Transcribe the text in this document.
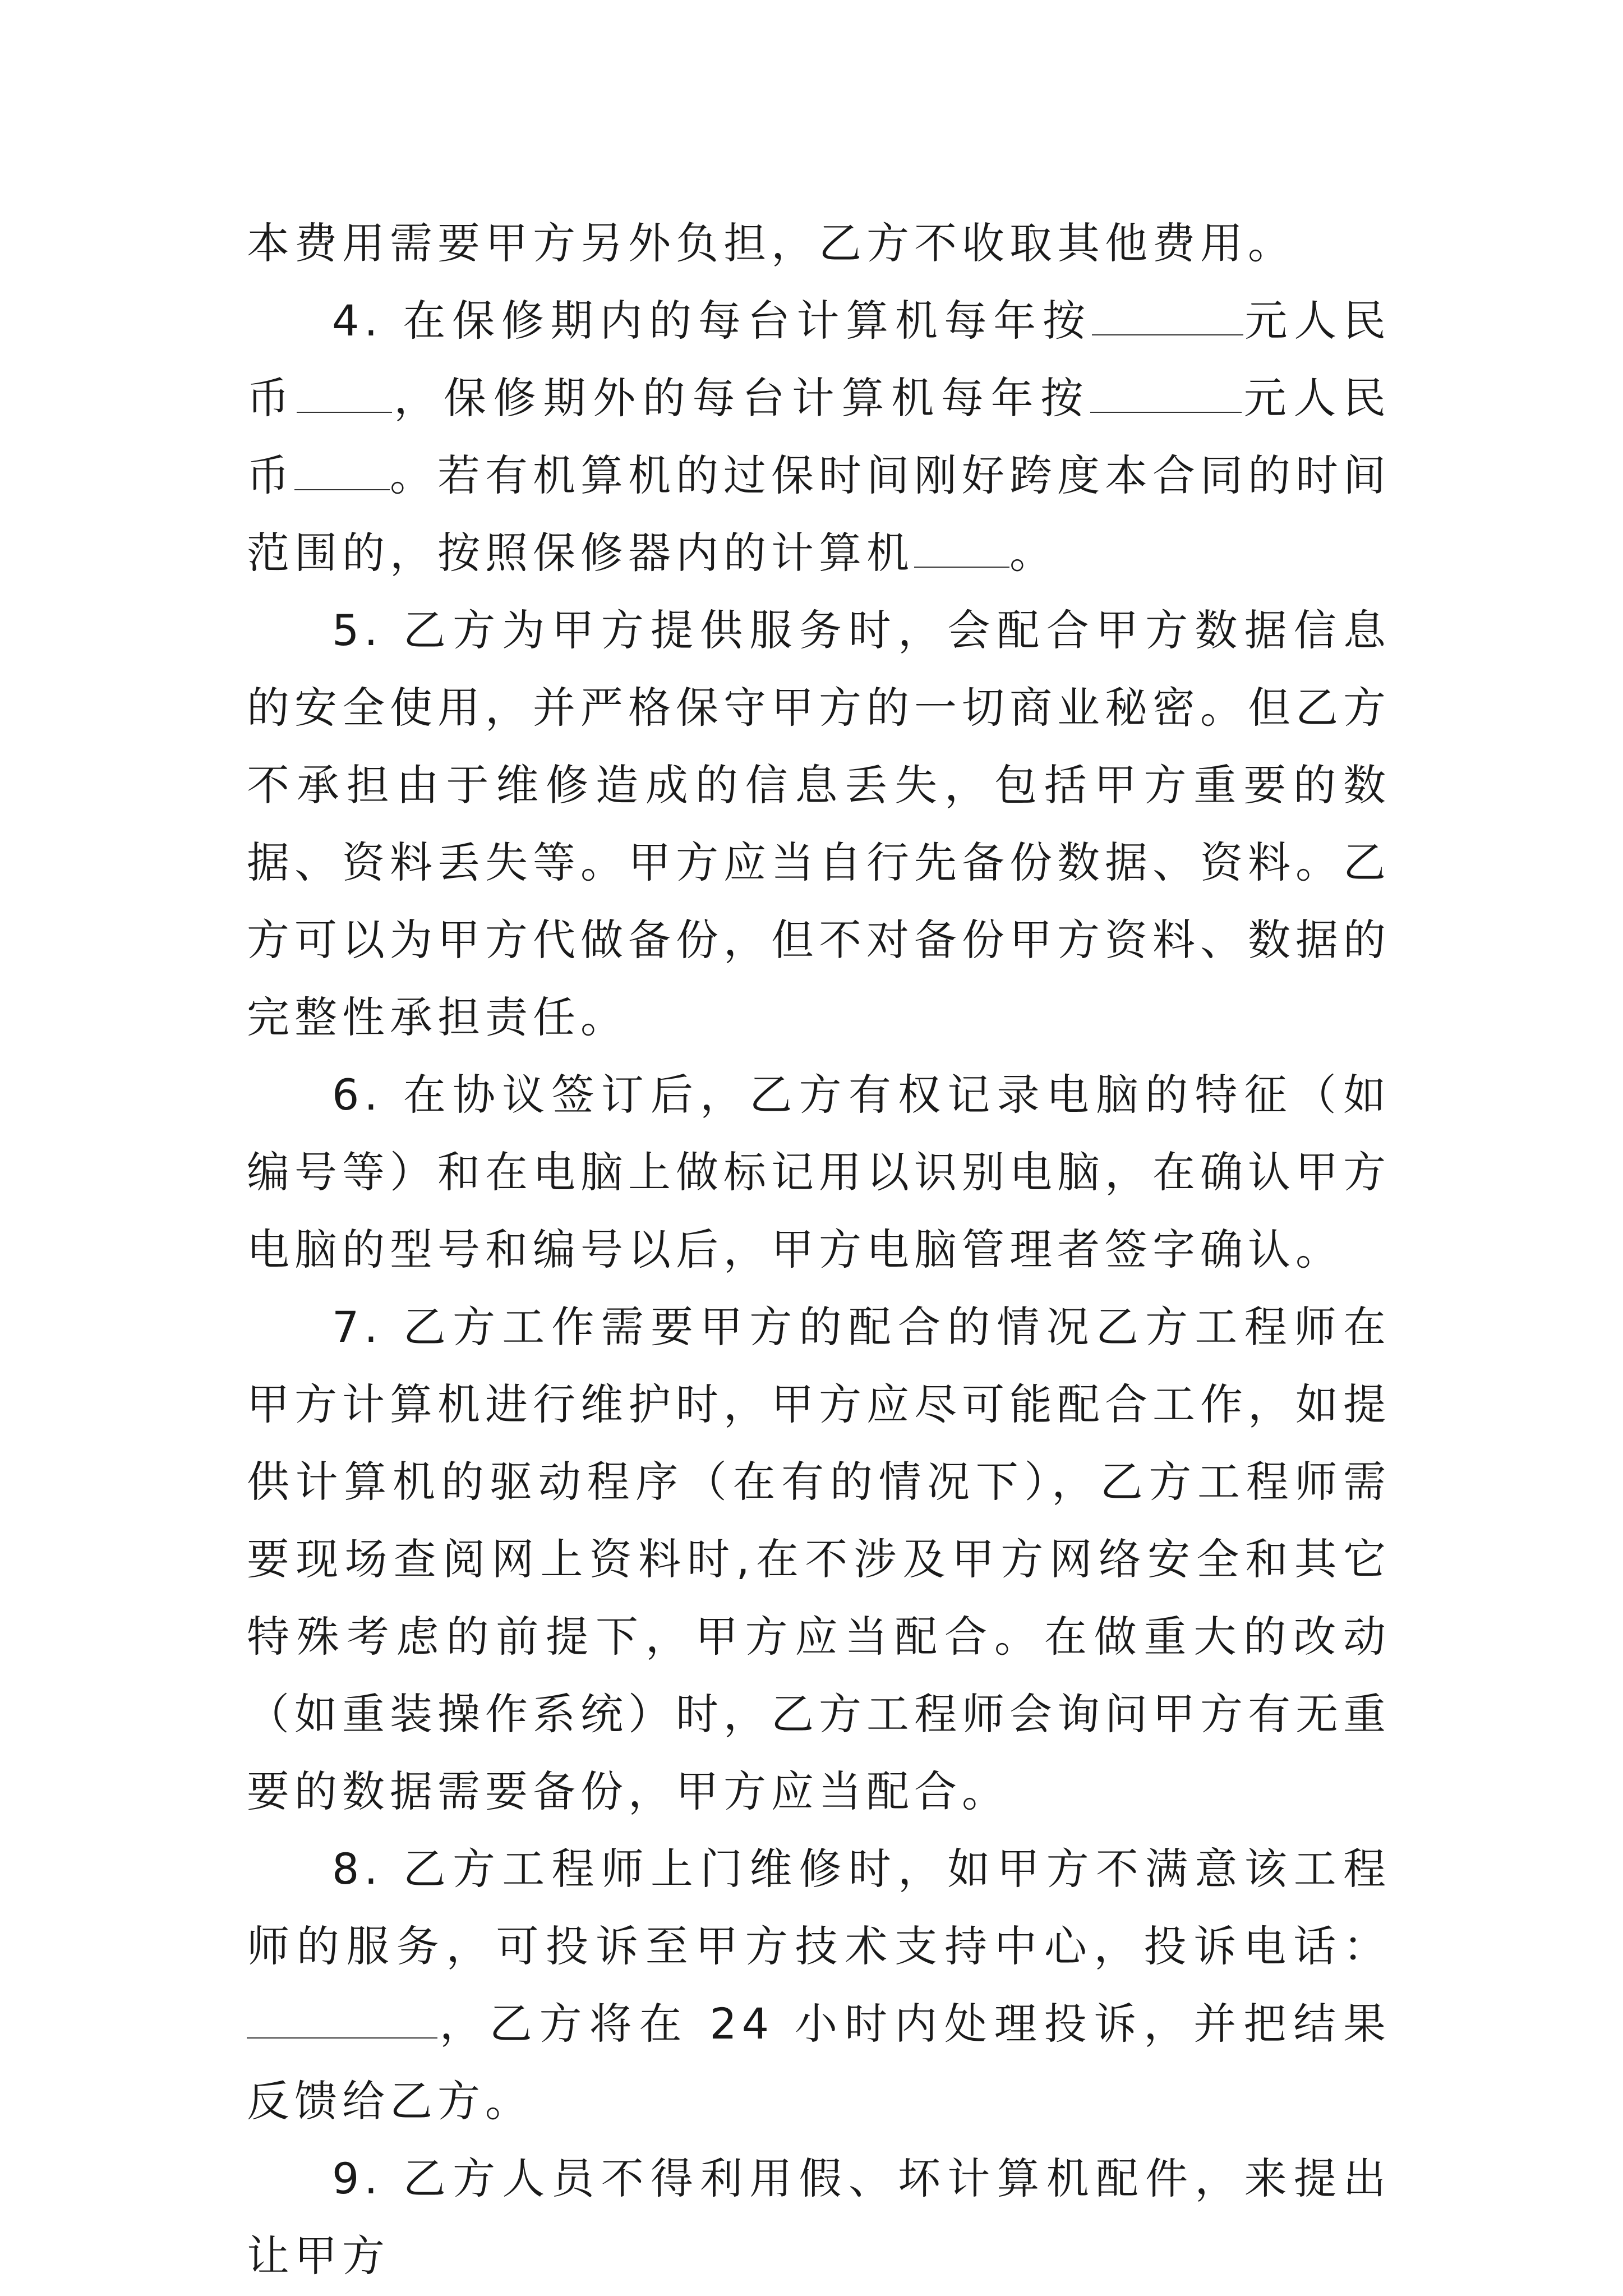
本费用需要甲方另外负担，乙方不收取其他费用。

4. 在保修期内的每台计算机每年按	元人民币 ，保修期外的每台计算机每年按	元人民币 。若有机算机的过保时间刚好跨度本合同的时间范围的，按照保修器内的计算机 。

5. 乙方为甲方提供服务时，会配合甲方数据信息的安全使用，并严格保守甲方的一切商业秘密。但乙方不承担由于维修造成的信息丢失，包括甲方重要的数据、资料丢失等。甲方应当自行先备份数据、资料。乙方可以为甲方代做备份，但不对备份甲方资料、数据的完整性承担责任。

6. 在协议签订后，乙方有权记录电脑的特征（如编号等）和在电脑上做标记用以识别电脑，在确认甲方电脑的型号和编号以后，甲方电脑管理者签字确认。

7. 乙方工作需要甲方的配合的情况乙方工程师在甲方计算机进行维护时，甲方应尽可能配合工作，如提供计算机的驱动程序（在有的情况下），乙方工程师需要现场查阅网上资料时,在不涉及甲方网络安全和其它特殊考虑的前提下，甲方应当配合。在做重大的改动（如重装操作系统）时，乙方工程师会询问甲方有无重要的数据需要备份，甲方应当配合。

8. 乙方工程师上门维修时，如甲方不满意该工程师的服务，可投诉至甲方技术支持中心，投诉电话：，乙方将在 24 小时内处理投诉，并把结果反馈给乙方。

9. 乙方人员不得利用假、坏计算机配件，来提出让甲方
